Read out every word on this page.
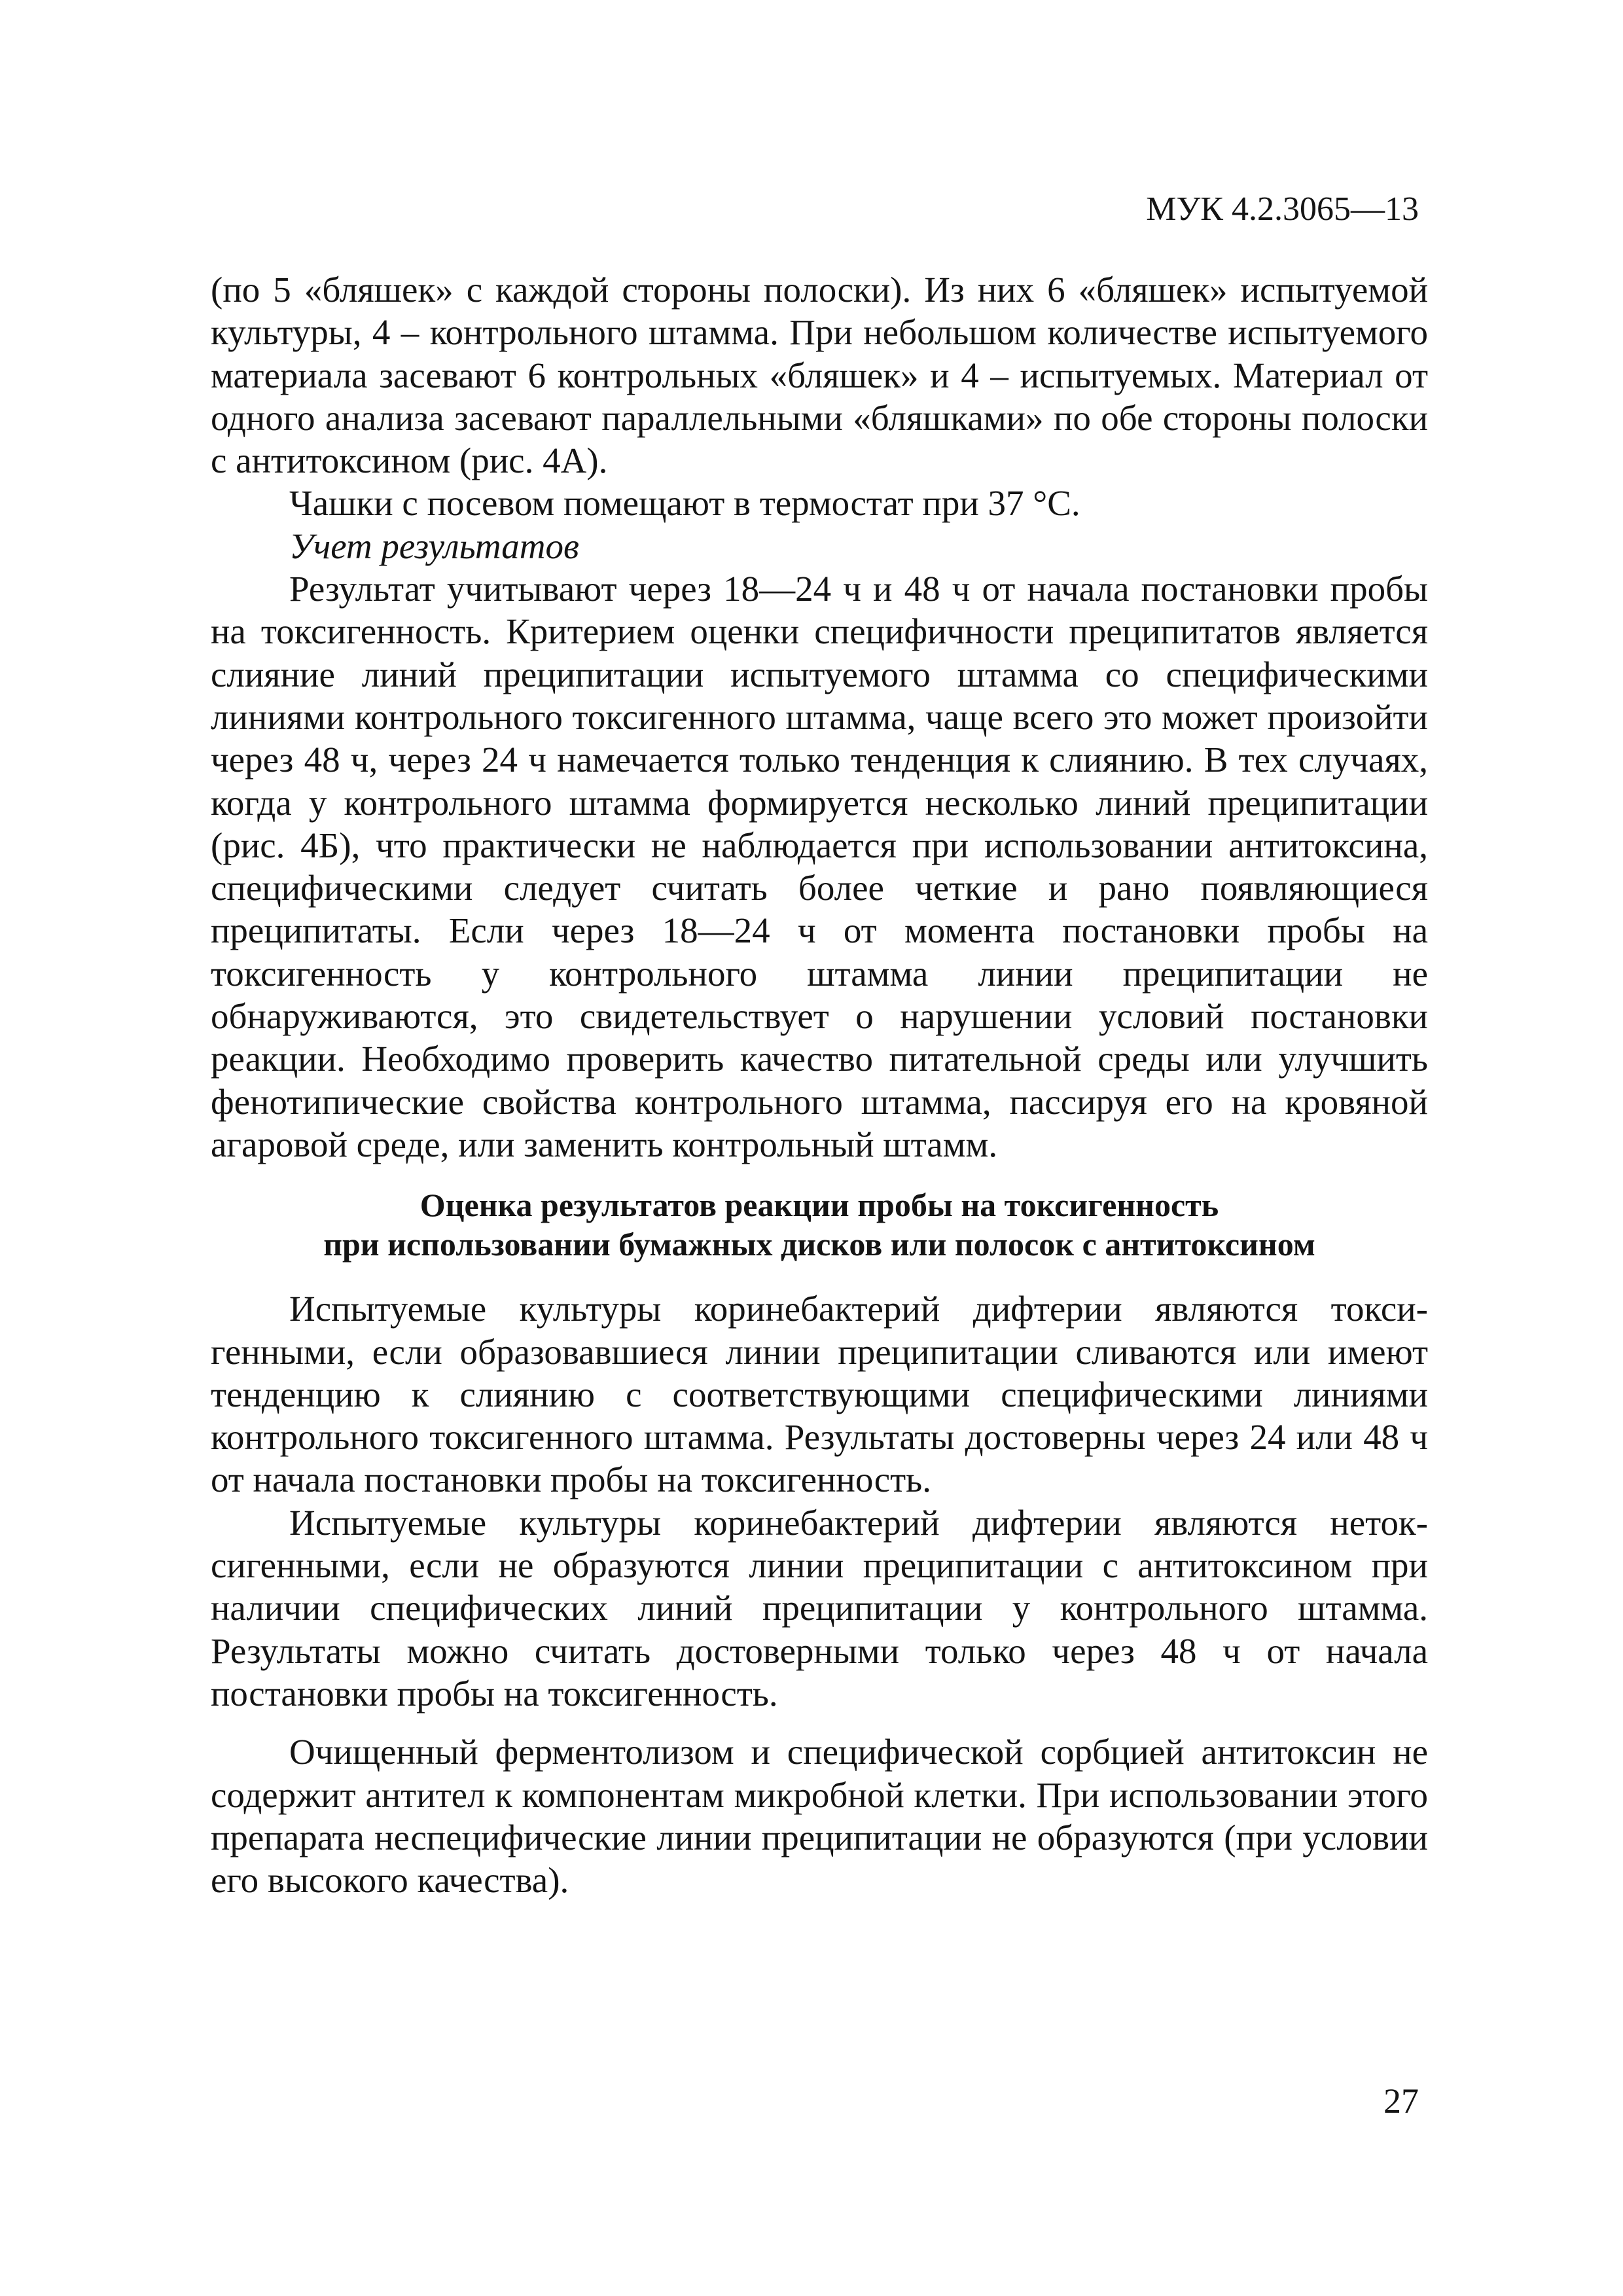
МУК 4.2.3065—13

(по 5 «бляшек» с каждой стороны полоски). Из них 6 «бляшек» испытуемой культуры, 4 – контрольного штамма. При небольшом количестве испытуемого материала засевают 6 контрольных «бляшек» и 4 – испытуемых. Материал от одного анализа засевают параллельными «бляшками» по обе стороны полоски с антитоксином (рис. 4А).

Чашки с посевом помещают в термостат при 37 °С.

Учет результатов

Результат учитывают через 18—24 ч и 48 ч от начала постановки пробы на токсигенность. Критерием оценки специфичности преципитатов является слияние линий преципитации испытуемого штамма со специфическими линиями контрольного токсигенного штамма, чаще всего это может произойти через 48 ч, через 24 ч намечается только тенденция к слиянию. В тех случаях, когда у контрольного штамма формируется несколько линий преципитации (рис. 4Б), что практически не наблюдается при использовании антитоксина, специфическими следует считать более четкие и рано появляющиеся преципитаты. Если через 18—24 ч от момента постановки пробы на токсигенность у контрольного штамма линии преципитации не обнаруживаются, это свидетельствует о нарушении условий постановки реакции. Необходимо проверить качество питательной среды или улучшить фенотипические свойства контрольного штамма, пассируя его на кровяной агаровой среде, или заменить контрольный штамм.

Оценка результатов реакции пробы на токсигенность
при использовании бумажных дисков или полосок с антитоксином

Испытуемые культуры коринебактерий дифтерии являются токсигенными, если образовавшиеся линии преципитации сливаются или имеют тенденцию к слиянию с соответствующими специфическими линиями контрольного токсигенного штамма. Результаты достоверны через 24 или 48 ч от начала постановки пробы на токсигенность.

Испытуемые культуры коринебактерий дифтерии являются нетоксигенными, если не образуются линии преципитации с антитоксином при наличии специфических линий преципитации у контрольного штамма. Результаты можно считать достоверными только через 48 ч от начала постановки пробы на токсигенность.

Очищенный ферментолизом и специфической сорбцией антитоксин не содержит антител к компонентам микробной клетки. При использовании этого препарата неспецифические линии преципитации не образуются (при условии его высокого качества).

27
